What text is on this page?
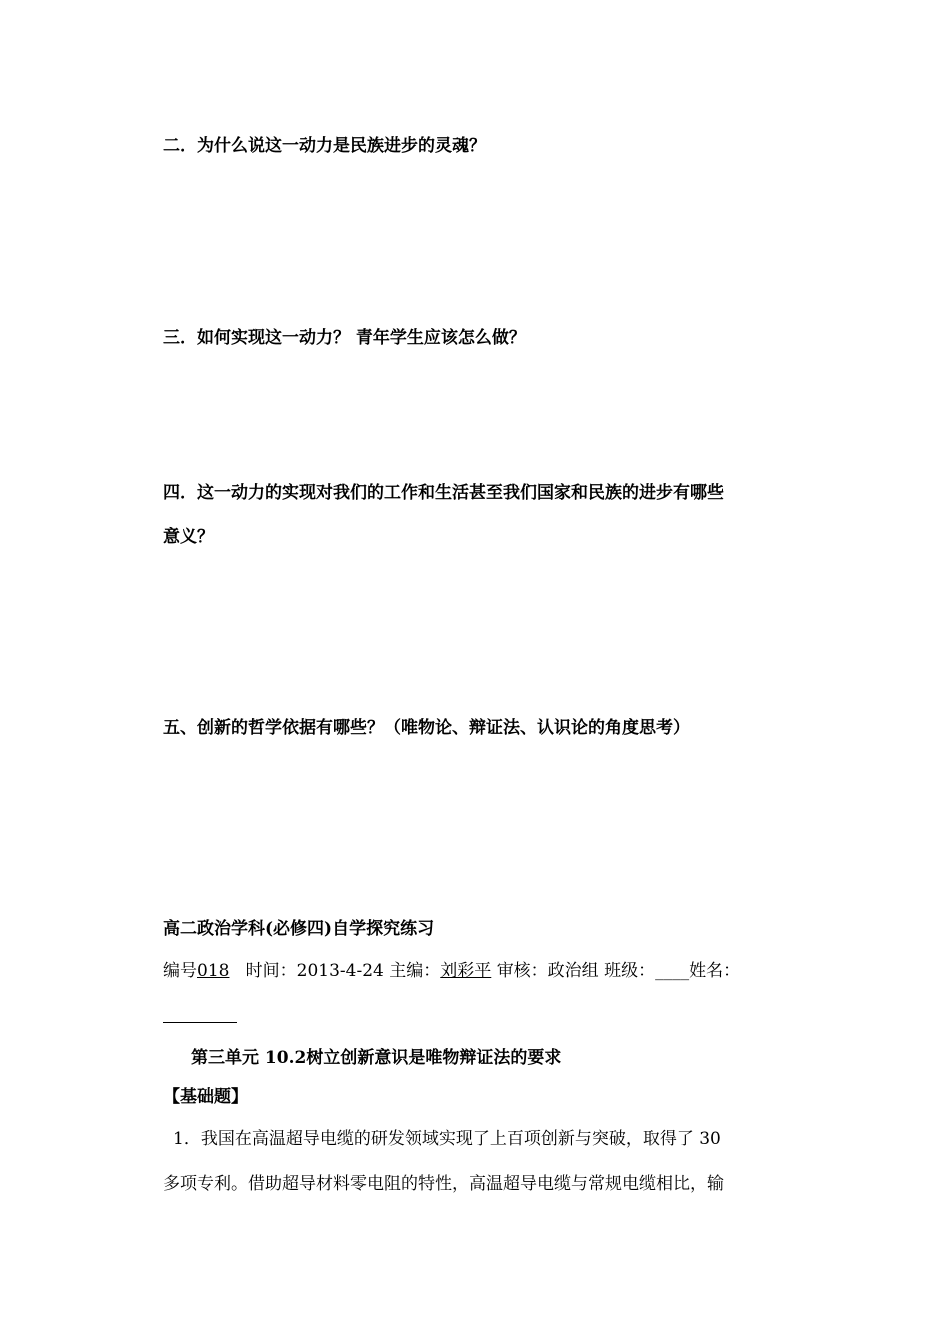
二．为什么说这一动力是民族进步的灵魂？
三．如何实现这一动力？ 青年学生应该怎么做？
四．这一动力的实现对我们的工作和生活甚至我们国家和民族的进步有哪些
意义？
五、创新的哲学依据有哪些？（唯物论、辩证法、认识论的角度思考）
高二政治学科(必修四)自学探究练习
编号018 时间：2013-4-24 主编：刘彩平 审核：政治组 班级：____姓名：
第三单元 10.2树立创新意识是唯物辩证法的要求
【基础题】
1．我国在高温超导电缆的研发领域实现了上百项创新与突破，取得了 30
多项专利。借助超导材料零电阻的特性，高温超导电缆与常规电缆相比，输
